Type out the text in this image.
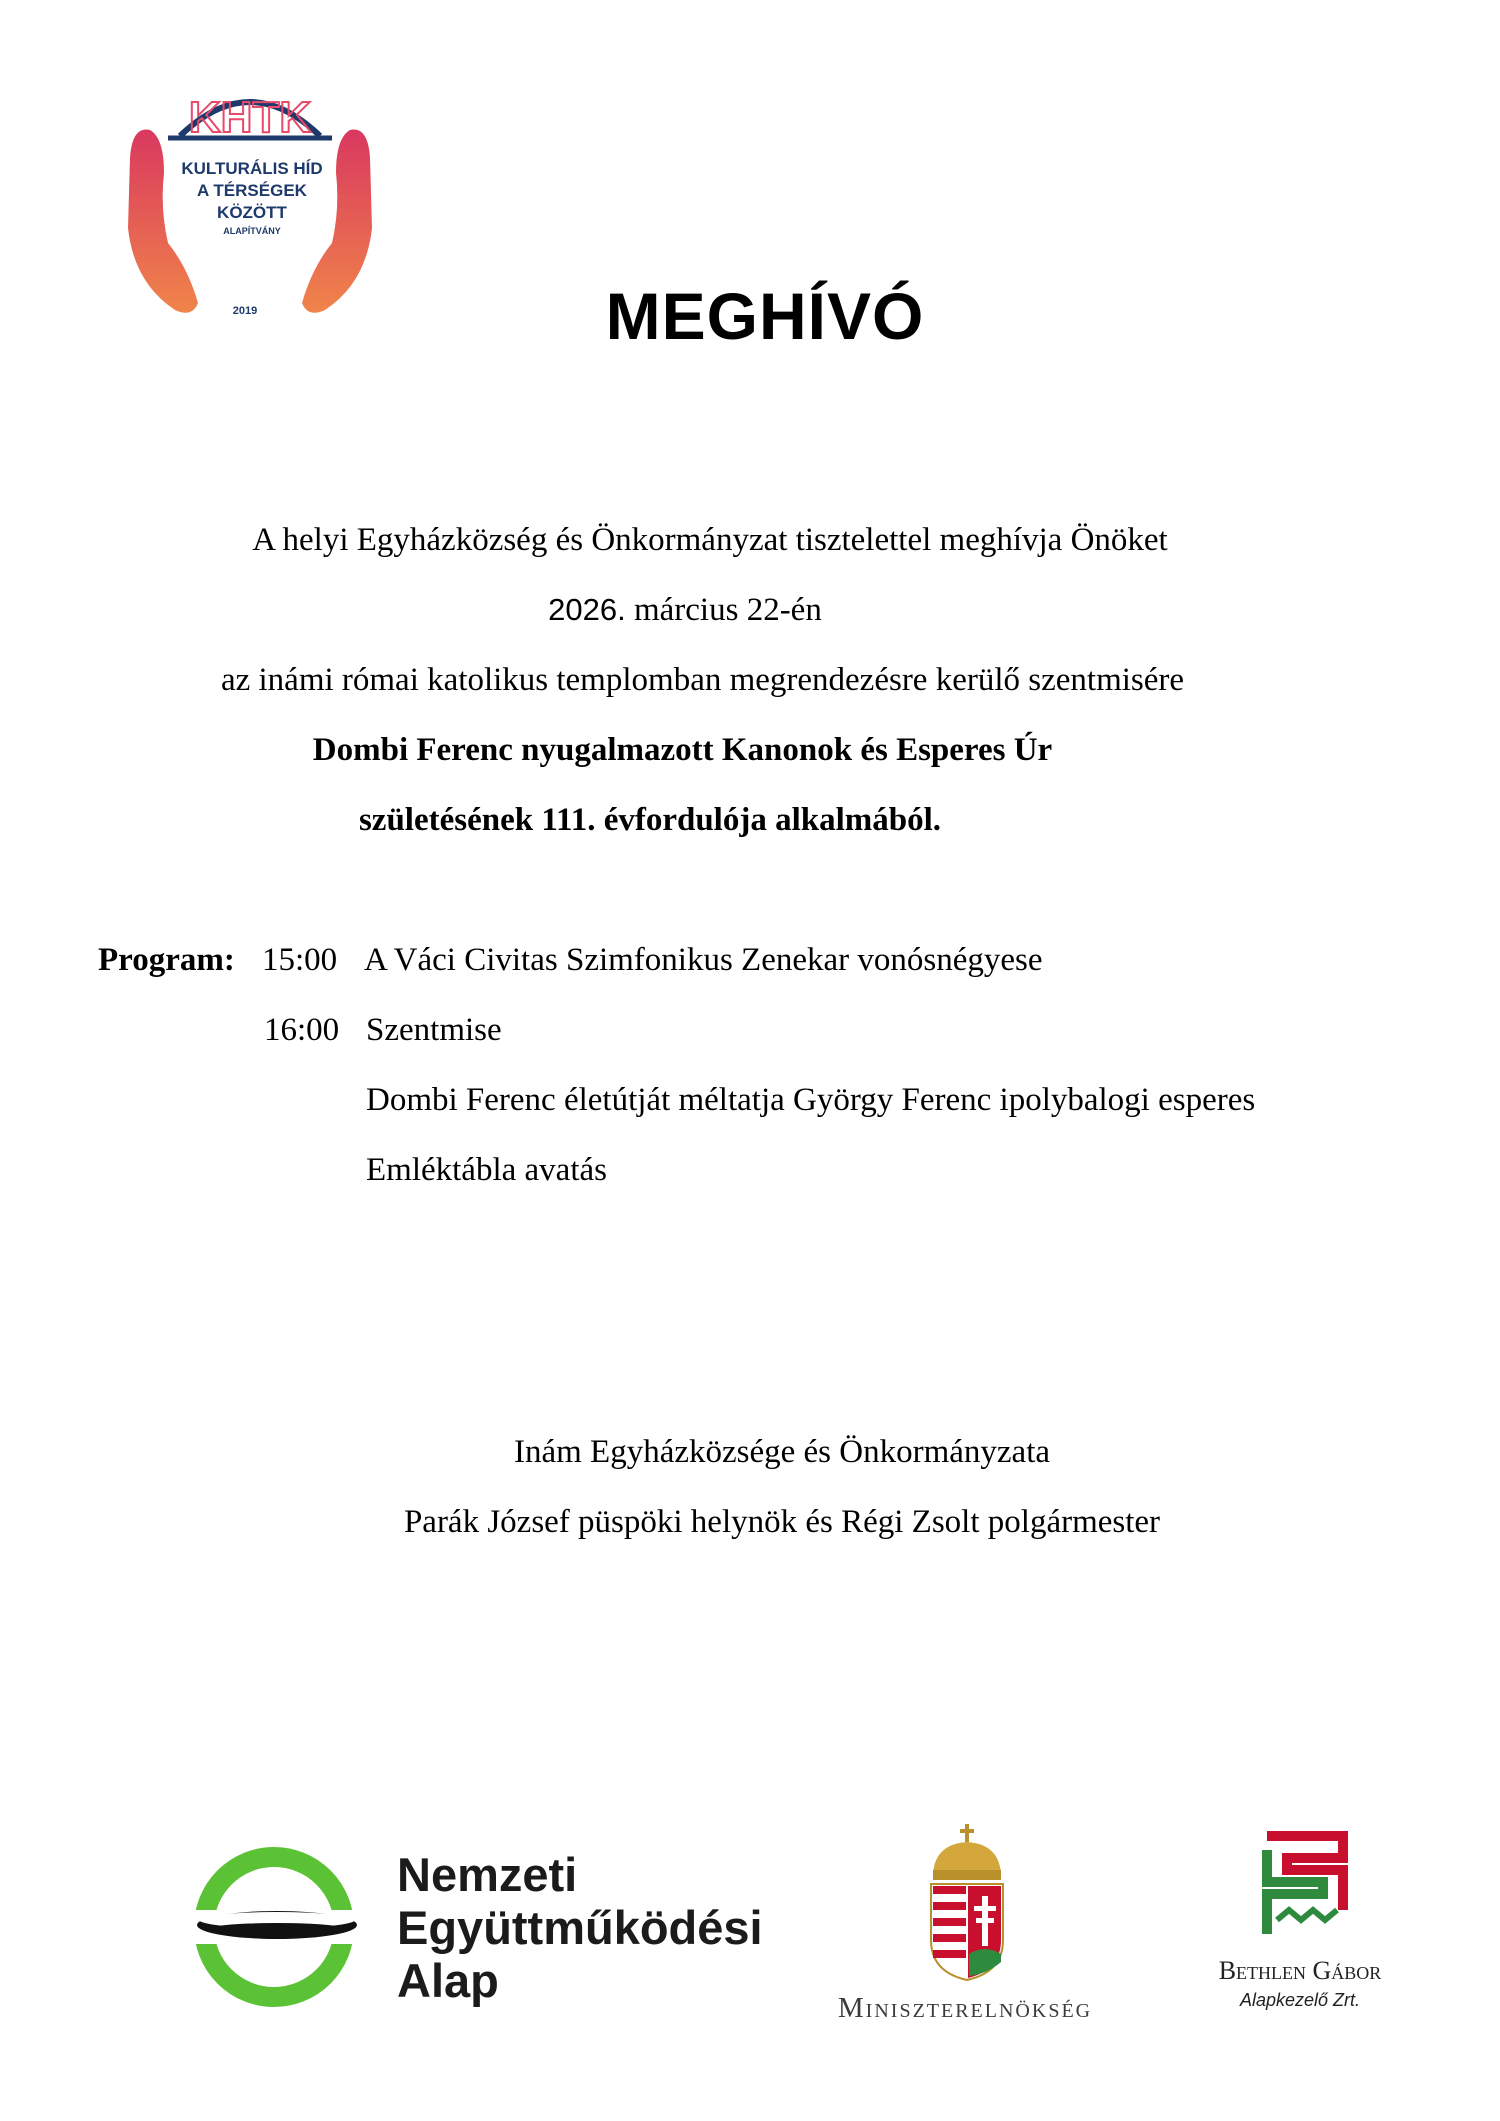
KHTK
KULTURÁLIS HÍD
A TÉRSÉGEK
KÖZÖTT
ALAPÍTVÁNY
2019	MEGHÍVÓ
A helyi Egyházközség és Önkormányzat tisztelettel meghívja Önöket
2026. március 22-én
az inámi római katolikus templomban megrendezésre kerülő szentmisére
Dombi Ferenc nyugalmazott Kanonok és Esperes Úr
születésének 111. évfordulója alkalmából.
Program: 15:00 A Váci Civitas Szimfonikus Zenekar vonósnégyese
16:00 Szentmise
Dombi Ferenc életútját méltatja György Ferenc ipolybalogi esperes
Emléktábla avatás
Inám Egyházközsége és Önkormányzata
Parák József püspöki helynök és Régi Zsolt polgármester
Nemzeti
Együttműködési
Alap
Miniszterelnökség
Bethlen Gábor
Alapkezelő Zrt.
